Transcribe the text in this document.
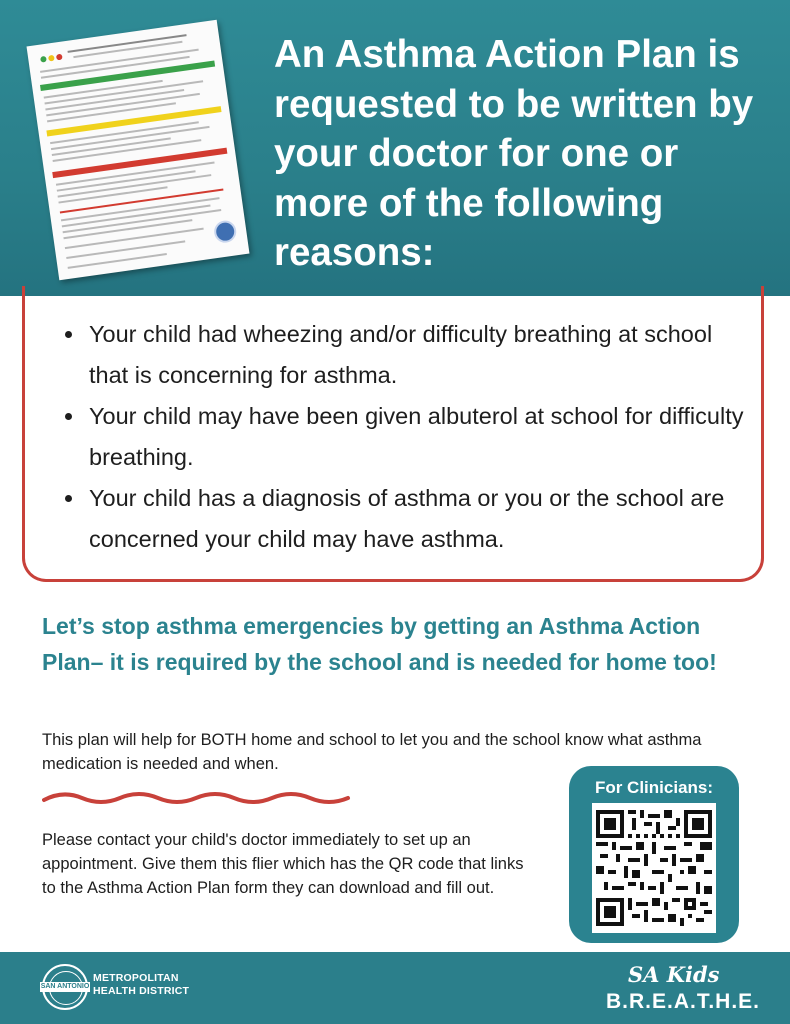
An Asthma Action Plan is requested to be written by your doctor for one or more of the following reasons:
Your child had wheezing and/or difficulty breathing at school that is concerning for asthma.
Your child may have been given albuterol at school for difficulty breathing.
Your child has a diagnosis of asthma or you or the school are concerned your child may have asthma.

Let’s stop asthma emergencies by getting an Asthma Action Plan– it is required by the school and is needed for home too!

This plan will help for BOTH home and school to let you and the school know what asthma medication is needed and when.

Please contact your child's doctor immediately to set up an appointment. Give them this flier which has the QR code that links to the Asthma Action Plan form they can download and fill out.

For Clinicians:
SAN ANTONIO
METROPOLITAN
HEALTH DISTRICT
SA Kids
B.R.E.A.T.H.E.
